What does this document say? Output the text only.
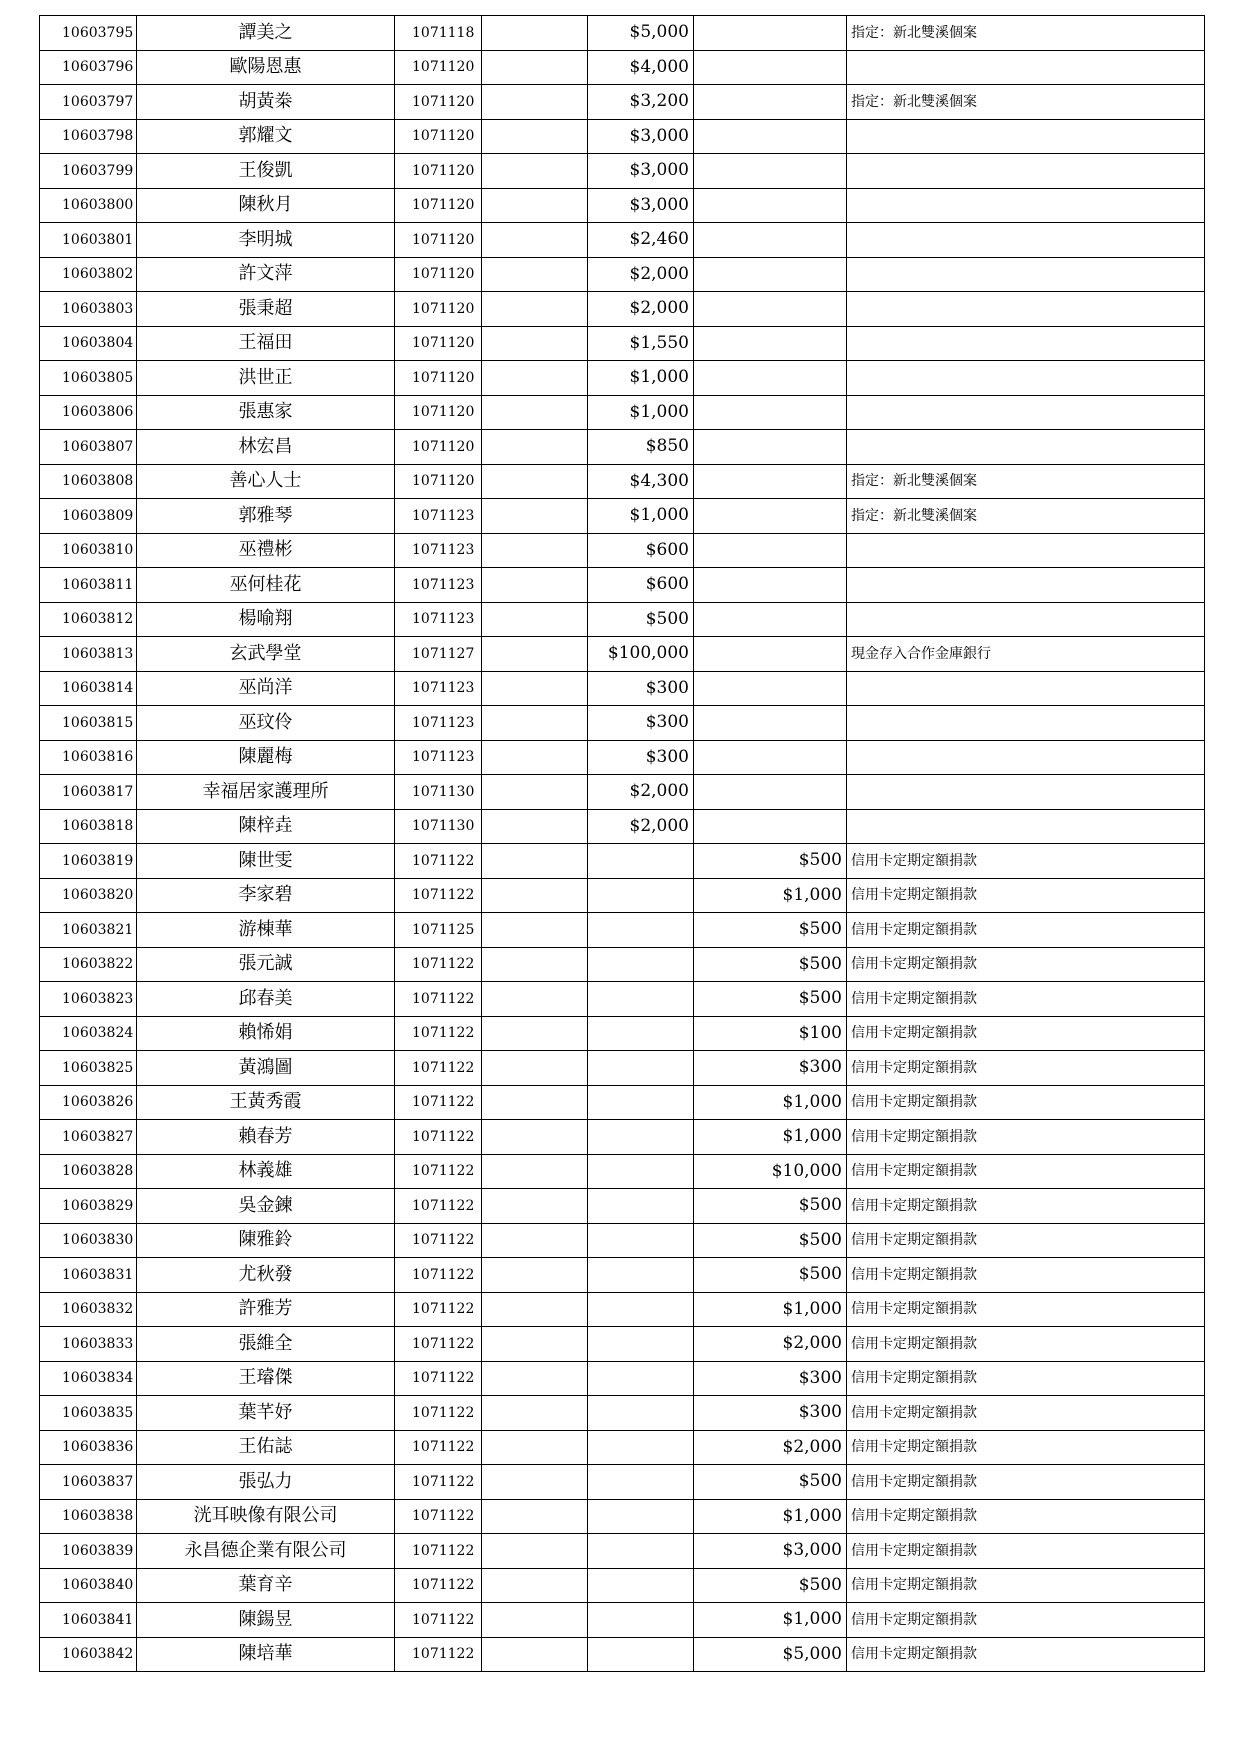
10603795	譚美之	1071118		$5,000		指定：新北雙溪個案
10603796	歐陽恩惠	1071120		$4,000		
10603797	胡黃桊	1071120		$3,200		指定：新北雙溪個案
10603798	郭耀文	1071120		$3,000		
10603799	王俊凱	1071120		$3,000		
10603800	陳秋月	1071120		$3,000		
10603801	李明城	1071120		$2,460		
10603802	許文萍	1071120		$2,000		
10603803	張秉超	1071120		$2,000		
10603804	王福田	1071120		$1,550		
10603805	洪世正	1071120		$1,000		
10603806	張惠家	1071120		$1,000		
10603807	林宏昌	1071120		$850		
10603808	善心人士	1071120		$4,300		指定：新北雙溪個案
10603809	郭雅琴	1071123		$1,000		指定：新北雙溪個案
10603810	巫禮彬	1071123		$600		
10603811	巫何桂花	1071123		$600		
10603812	楊喻翔	1071123		$500		
10603813	玄武學堂	1071127		$100,000		現金存入合作金庫銀行
10603814	巫尚洋	1071123		$300		
10603815	巫玟伶	1071123		$300		
10603816	陳麗梅	1071123		$300		
10603817	幸福居家護理所	1071130		$2,000		
10603818	陳梓垚	1071130		$2,000		
10603819	陳世雯	1071122			$500	信用卡定期定額捐款
10603820	李家碧	1071122			$1,000	信用卡定期定額捐款
10603821	游棟華	1071125			$500	信用卡定期定額捐款
10603822	張元誠	1071122			$500	信用卡定期定額捐款
10603823	邱春美	1071122			$500	信用卡定期定額捐款
10603824	賴悕娟	1071122			$100	信用卡定期定額捐款
10603825	黃鴻圖	1071122			$300	信用卡定期定額捐款
10603826	王黃秀霞	1071122			$1,000	信用卡定期定額捐款
10603827	賴春芳	1071122			$1,000	信用卡定期定額捐款
10603828	林義雄	1071122			$10,000	信用卡定期定額捐款
10603829	吳金鍊	1071122			$500	信用卡定期定額捐款
10603830	陳雅鈴	1071122			$500	信用卡定期定額捐款
10603831	尤秋發	1071122			$500	信用卡定期定額捐款
10603832	許雅芳	1071122			$1,000	信用卡定期定額捐款
10603833	張維全	1071122			$2,000	信用卡定期定額捐款
10603834	王璿傑	1071122			$300	信用卡定期定額捐款
10603835	葉芊妤	1071122			$300	信用卡定期定額捐款
10603836	王佑誌	1071122			$2,000	信用卡定期定額捐款
10603837	張弘力	1071122			$500	信用卡定期定額捐款
10603838	洸耳映像有限公司	1071122			$1,000	信用卡定期定額捐款
10603839	永昌德企業有限公司	1071122			$3,000	信用卡定期定額捐款
10603840	葉育辛	1071122			$500	信用卡定期定額捐款
10603841	陳鍚昱	1071122			$1,000	信用卡定期定額捐款
10603842	陳培華	1071122			$5,000	信用卡定期定額捐款
